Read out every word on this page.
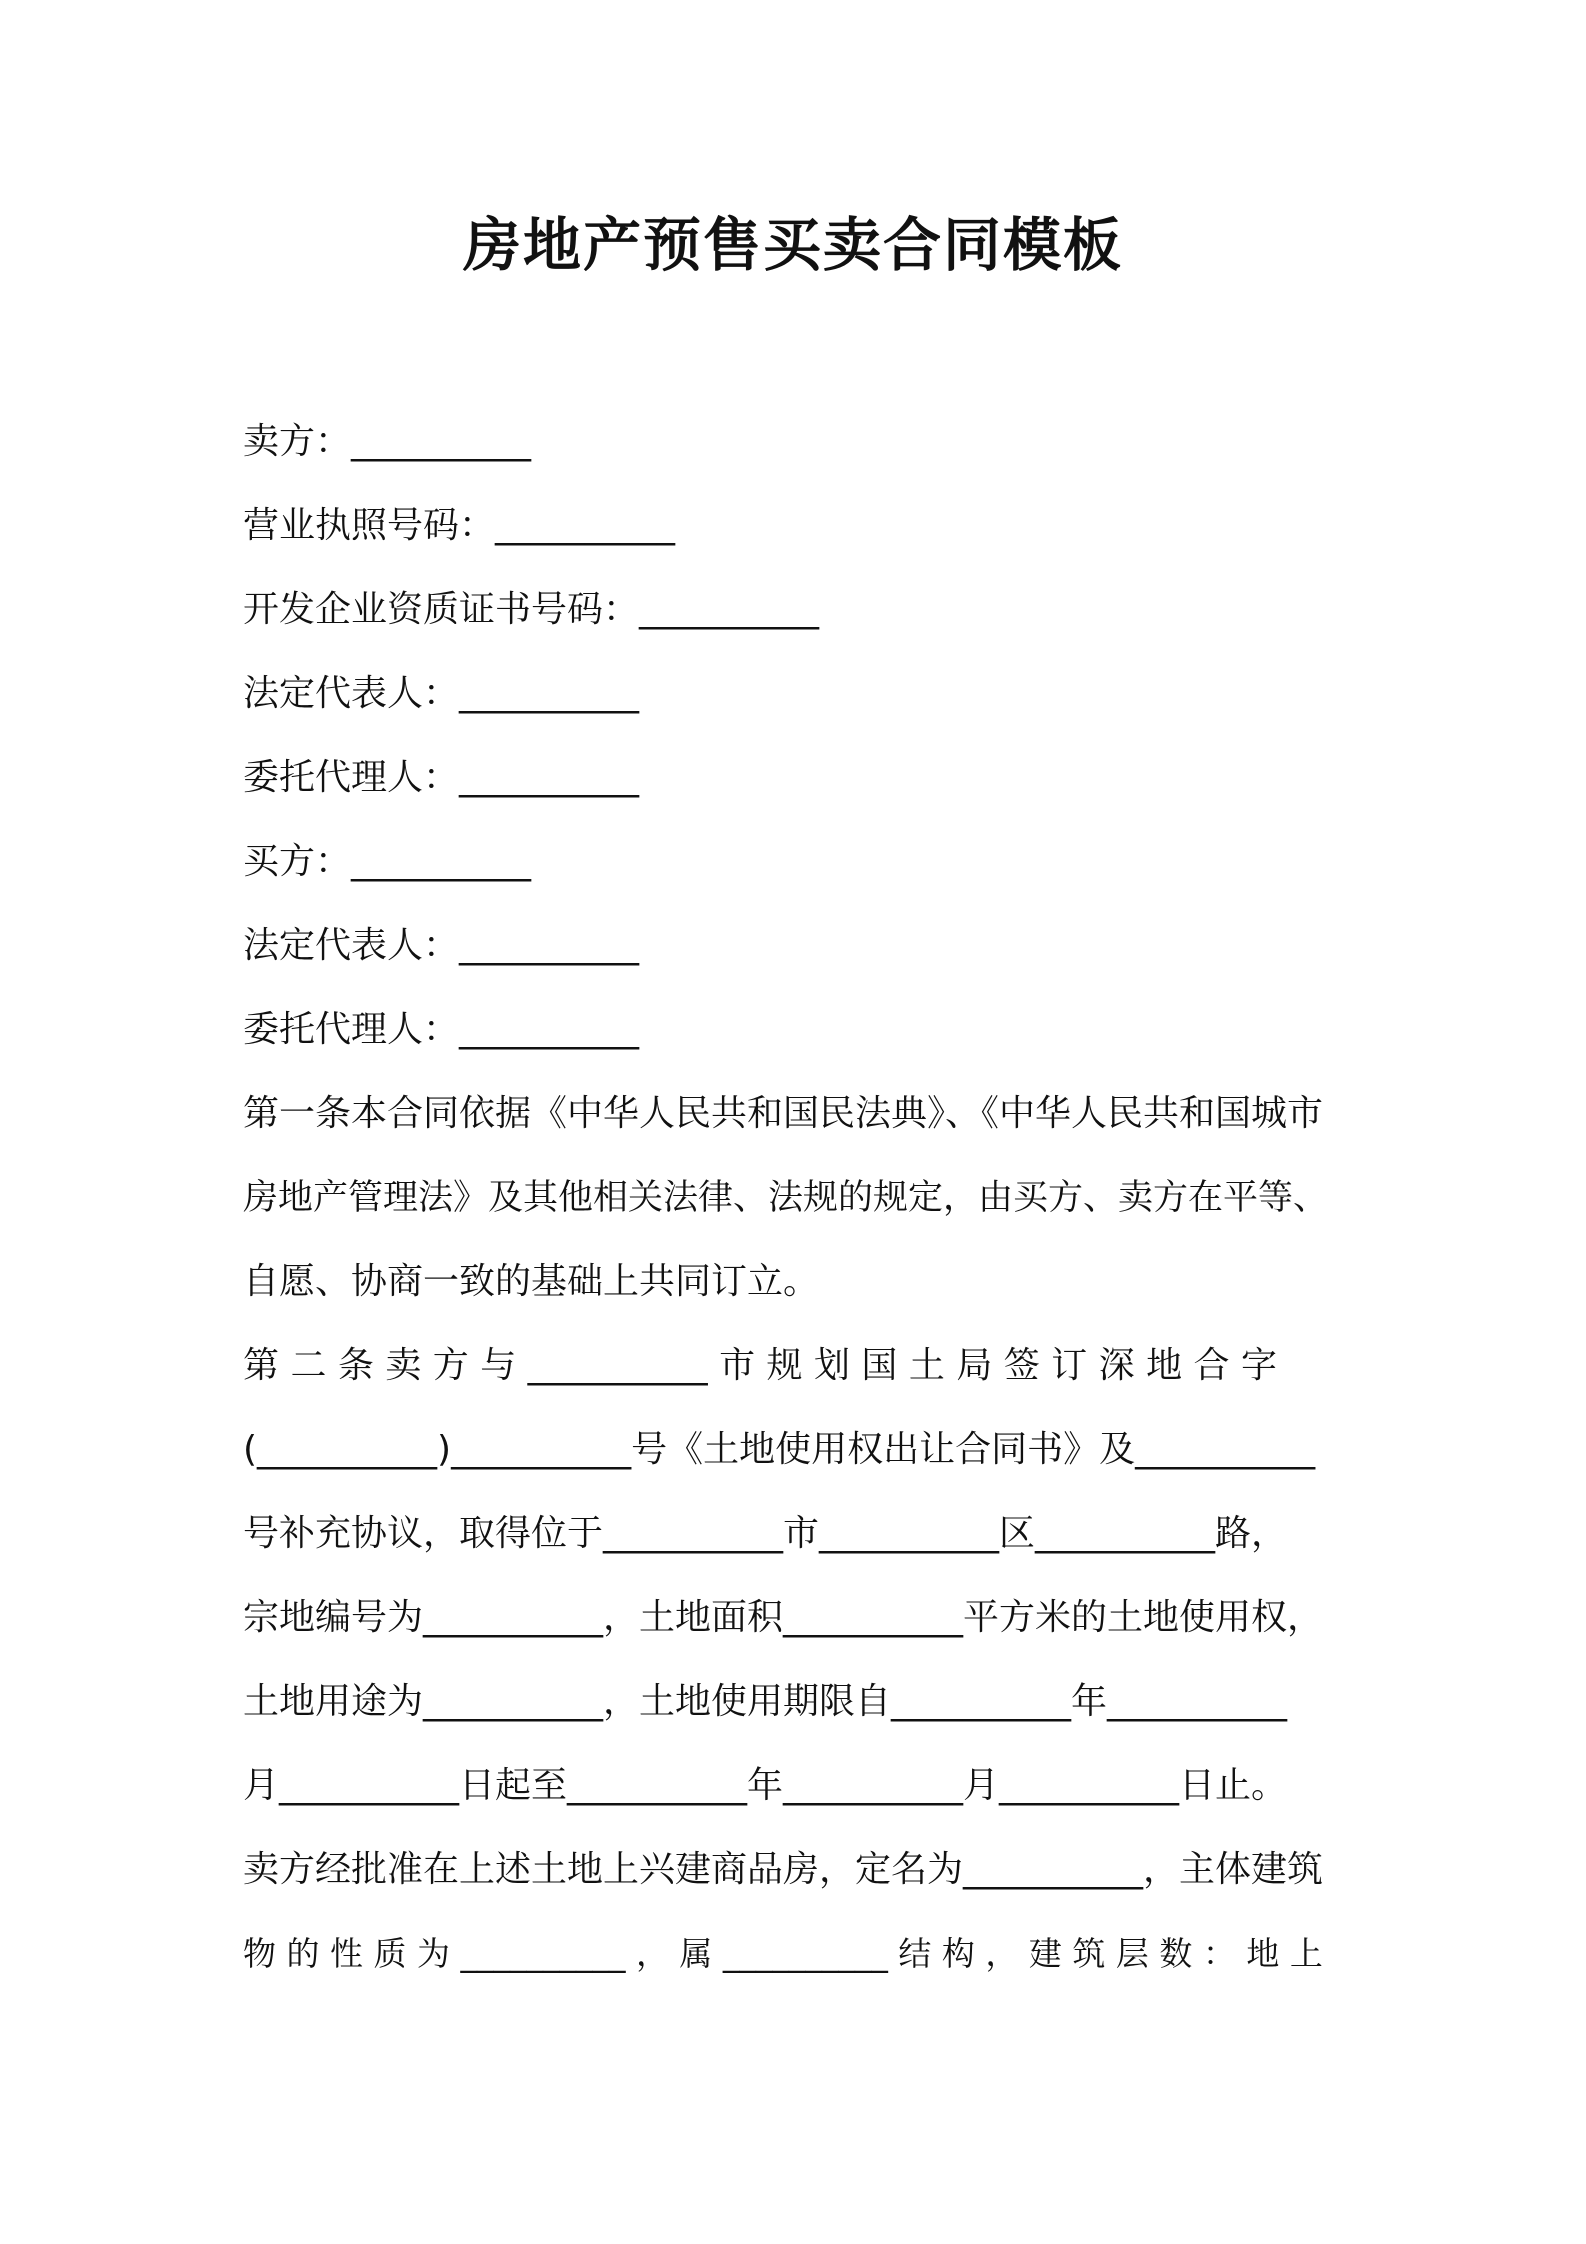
房地产预售买卖合同模板
卖方：__________
营业执照号码：__________
开发企业资质证书号码：__________
法定代表人：__________
委托代理人：__________
买方：__________
法定代表人：__________
委托代理人：__________
第一条本合同依据《中华人民共和国民法典》、《中华人民共和国城市
房地产管理法》及其他相关法律、法规的规定，由买方、卖方在平等、
自愿、协商一致的基础上共同订立。
第 二 条 卖 方 与 __________ 市 规 划 国 土 局 签 订 深 地 合 字
(__________)__________号《土地使用权出让合同书》及__________
号补充协议，取得位于__________市__________区__________路，
宗地编号为__________，土地面积__________平方米的土地使用权，
土地用途为__________，土地使用期限自__________年__________
月__________日起至__________年__________月__________日止。
卖方经批准在上述土地上兴建商品房，定名为__________，主体建筑
物 的 性 质 为 __________ ， 属 __________ 结 构 ， 建 筑 层 数 ： 地 上
